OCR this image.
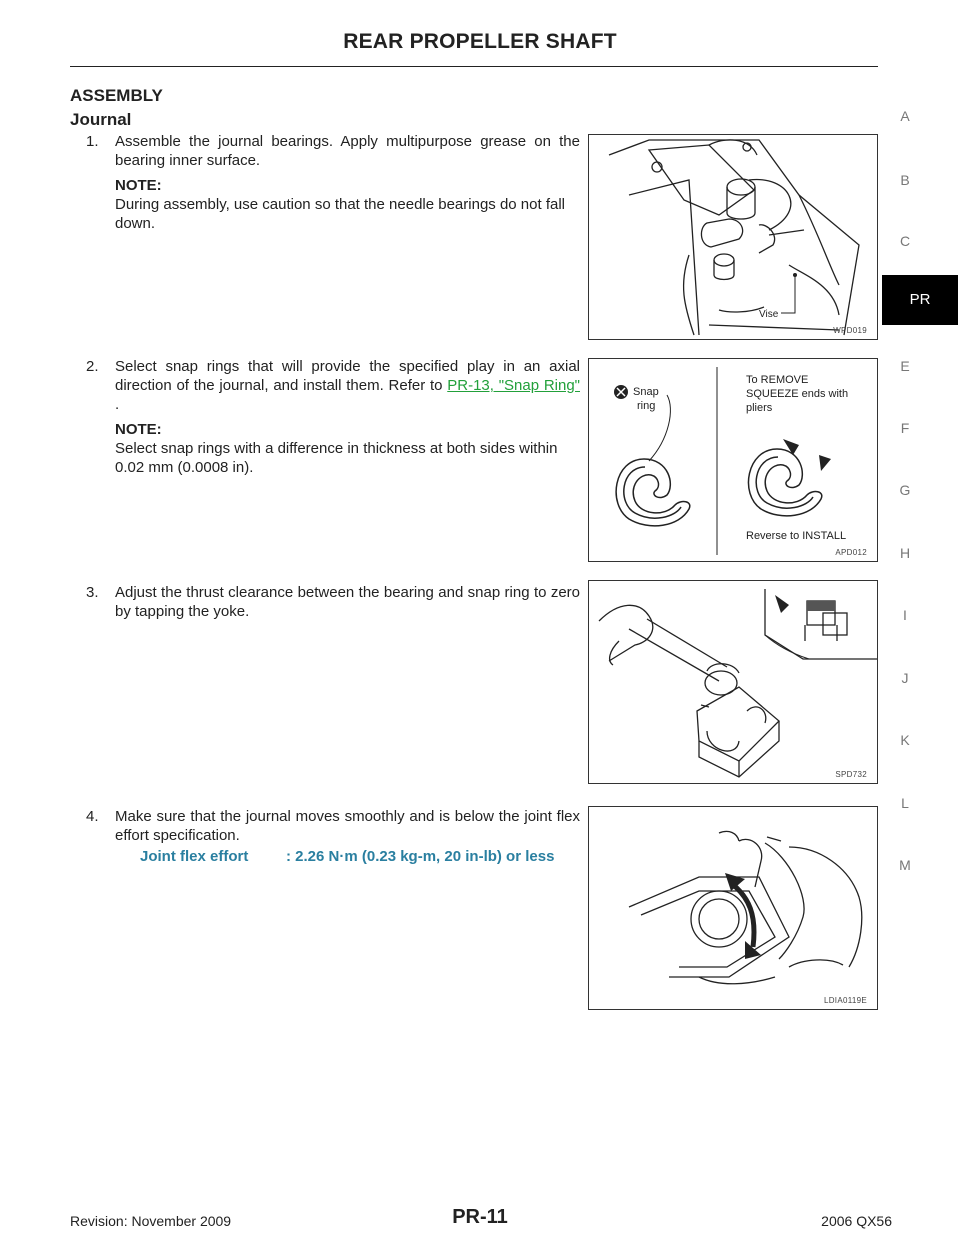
REAR PROPELLER SHAFT
ASSEMBLY
Journal
1.	Assemble the journal bearings. Apply multipurpose grease on the bearing inner surface.
NOTE:
During assembly, use caution so that the needle bearings do not fall down.
2.	Select snap rings that will provide the specified play in an axial direction of the journal, and install them. Refer to PR-13, "Snap Ring" .
NOTE:
Select snap rings with a difference in thickness at both sides within 0.02 mm (0.0008 in).
3.	Adjust the thrust clearance between the bearing and snap ring to zero by tapping the yoke.
4.	Make sure that the journal moves smoothly and is below the joint flex effort specification.
Joint flex effort	: 2.26 N·m (0.23 kg-m, 20 in-lb) or less
Vise
WPD019
Snap
ring
To REMOVE
SQUEEZE ends with
pliers
Reverse to INSTALL
APD012
SPD732
LDIA0119E
A
B
C
PR
E
F
G
H
I
J
K
L
M
Revision: November 2009	PR-11	2006 QX56
